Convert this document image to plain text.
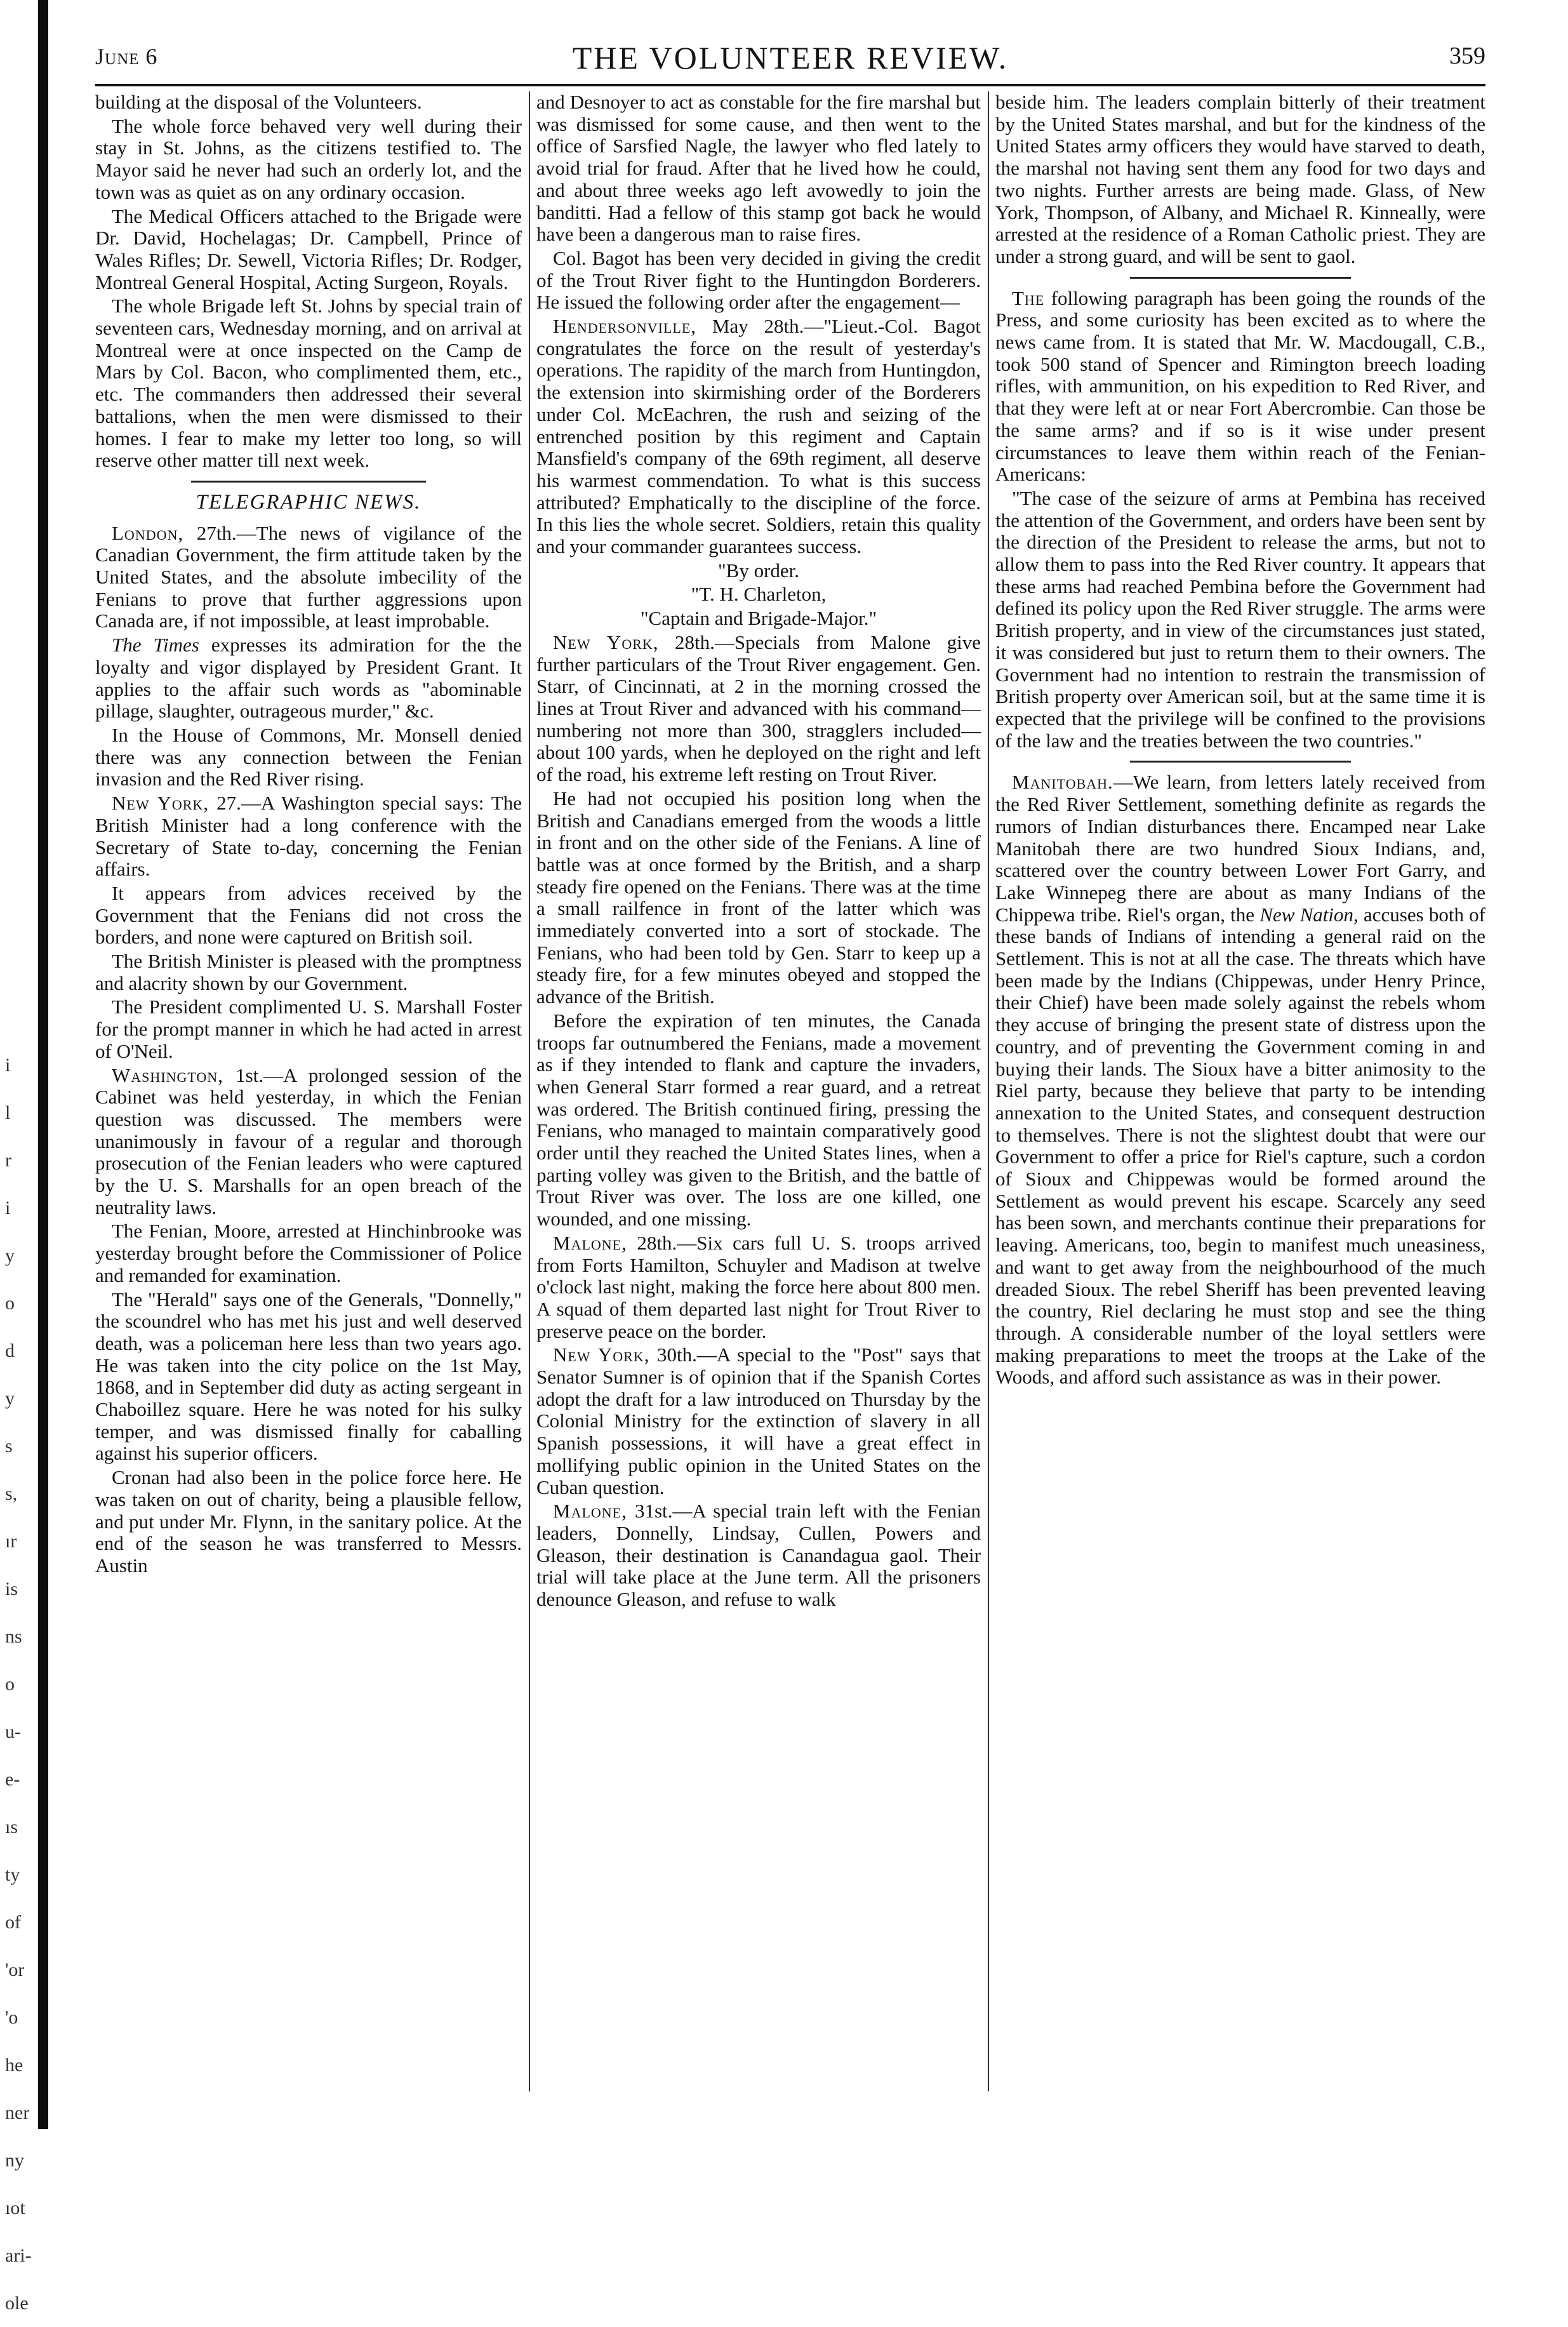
i
l
r
i
y
o
d
y
s
s,
ır
is
ns
o
u-
e-
ıs
ty
of
'or
'o
he
ner
ny
ıot
ari-
ole
June 6	THE VOLUNTEER REVIEW.	359

building at the disposal of the Volunteers.

The whole force behaved very well during their stay in St. Johns, as the citizens testified to. The Mayor said he never had such an orderly lot, and the town was as quiet as on any ordinary occasion.

The Medical Officers attached to the Brigade were Dr. David, Hochelagas; Dr. Campbell, Prince of Wales Rifles; Dr. Sewell, Victoria Rifles; Dr. Rodger, Montreal General Hospital, Acting Surgeon, Royals.

The whole Brigade left St. Johns by special train of seventeen cars, Wednesday morning, and on arrival at Montreal were at once inspected on the Camp de Mars by Col. Bacon, who complimented them, etc., etc. The commanders then addressed their several battalions, when the men were dismissed to their homes. I fear to make my letter too long, so will reserve other matter till next week.

TELEGRAPHIC NEWS.

London, 27th.—The news of vigilance of the Canadian Government, the firm attitude taken by the United States, and the absolute imbecility of the Fenians to prove that further aggressions upon Canada are, if not impossible, at least improbable.

The Times expresses its admiration for the the loyalty and vigor displayed by President Grant. It applies to the affair such words as "abominable pillage, slaughter, outrageous murder," &c.

In the House of Commons, Mr. Monsell denied there was any connection between the Fenian invasion and the Red River rising.

New York, 27.—A Washington special says: The British Minister had a long conference with the Secretary of State to-day, concerning the Fenian affairs.

It appears from advices received by the Government that the Fenians did not cross the borders, and none were captured on British soil.

The British Minister is pleased with the promptness and alacrity shown by our Government.

The President complimented U. S. Marshall Foster for the prompt manner in which he had acted in arrest of O'Neil.

Washington, 1st.—A prolonged session of the Cabinet was held yesterday, in which the Fenian question was discussed. The members were unanimously in favour of a regular and thorough prosecution of the Fenian leaders who were captured by the U. S. Marshalls for an open breach of the neutrality laws.

The Fenian, Moore, arrested at Hinchinbrooke was yesterday brought before the Commissioner of Police and remanded for examination.

The "Herald" says one of the Generals, "Donnelly," the scoundrel who has met his just and well deserved death, was a policeman here less than two years ago. He was taken into the city police on the 1st May, 1868, and in September did duty as acting sergeant in Chaboillez square. Here he was noted for his sulky temper, and was dismissed finally for caballing against his superior officers.

Cronan had also been in the police force here. He was taken on out of charity, being a plausible fellow, and put under Mr. Flynn, in the sanitary police. At the end of the season he was transferred to Messrs. Austin

and Desnoyer to act as constable for the fire marshal but was dismissed for some cause, and then went to the office of Sarsfied Nagle, the lawyer who fled lately to avoid trial for fraud. After that he lived how he could, and about three weeks ago left avowedly to join the banditti. Had a fellow of this stamp got back he would have been a dangerous man to raise fires.

Col. Bagot has been very decided in giving the credit of the Trout River fight to the Huntingdon Borderers. He issued the following order after the engagement—

Hendersonville, May 28th.—"Lieut.-Col. Bagot congratulates the force on the result of yesterday's operations. The rapidity of the march from Huntingdon, the extension into skirmishing order of the Borderers under Col. McEachren, the rush and seizing of the entrenched position by this regiment and Captain Mansfield's company of the 69th regiment, all deserve his warmest commendation. To what is this success attributed? Emphatically to the discipline of the force. In this lies the whole secret. Soldiers, retain this quality and your commander guarantees success.

"By order.

"T. H. Charleton,

"Captain and Brigade-Major."

New York, 28th.—Specials from Malone give further particulars of the Trout River engagement. Gen. Starr, of Cincinnati, at 2 in the morning crossed the lines at Trout River and advanced with his command—numbering not more than 300, stragglers included—about 100 yards, when he deployed on the right and left of the road, his extreme left resting on Trout River.

He had not occupied his position long when the British and Canadians emerged from the woods a little in front and on the other side of the Fenians. A line of battle was at once formed by the British, and a sharp steady fire opened on the Fenians. There was at the time a small railfence in front of the latter which was immediately converted into a sort of stockade. The Fenians, who had been told by Gen. Starr to keep up a steady fire, for a few minutes obeyed and stopped the advance of the British.

Before the expiration of ten minutes, the Canada troops far outnumbered the Fenians, made a movement as if they intended to flank and capture the invaders, when General Starr formed a rear guard, and a retreat was ordered. The British continued firing, pressing the Fenians, who managed to maintain comparatively good order until they reached the United States lines, when a parting volley was given to the British, and the battle of Trout River was over. The loss are one killed, one wounded, and one missing.

Malone, 28th.—Six cars full U. S. troops arrived from Forts Hamilton, Schuyler and Madison at twelve o'clock last night, making the force here about 800 men. A squad of them departed last night for Trout River to preserve peace on the border.

New York, 30th.—A special to the "Post" says that Senator Sumner is of opinion that if the Spanish Cortes adopt the draft for a law introduced on Thursday by the Colonial Ministry for the extinction of slavery in all Spanish possessions, it will have a great effect in mollifying public opinion in the United States on the Cuban question.

Malone, 31st.—A special train left with the Fenian leaders, Donnelly, Lindsay, Cullen, Powers and Gleason, their destination is Canandagua gaol. Their trial will take place at the June term. All the prisoners denounce Gleason, and refuse to walk

beside him. The leaders complain bitterly of their treatment by the United States marshal, and but for the kindness of the United States army officers they would have starved to death, the marshal not having sent them any food for two days and two nights. Further arrests are being made. Glass, of New York, Thompson, of Albany, and Michael R. Kinneally, were arrested at the residence of a Roman Catholic priest. They are under a strong guard, and will be sent to gaol.

The following paragraph has been going the rounds of the Press, and some curiosity has been excited as to where the news came from. It is stated that Mr. W. Macdougall, C.B., took 500 stand of Spencer and Rimington breech loading rifles, with ammunition, on his expedition to Red River, and that they were left at or near Fort Abercrombie. Can those be the same arms? and if so is it wise under present circumstances to leave them within reach of the Fenian-Americans:

"The case of the seizure of arms at Pembina has received the attention of the Government, and orders have been sent by the direction of the President to release the arms, but not to allow them to pass into the Red River country. It appears that these arms had reached Pembina before the Government had defined its policy upon the Red River struggle. The arms were British property, and in view of the circumstances just stated, it was considered but just to return them to their owners. The Government had no intention to restrain the transmission of British property over American soil, but at the same time it is expected that the privilege will be confined to the provisions of the law and the treaties between the two countries."

Manitobah.—We learn, from letters lately received from the Red River Settlement, something definite as regards the rumors of Indian disturbances there. Encamped near Lake Manitobah there are two hundred Sioux Indians, and, scattered over the country between Lower Fort Garry, and Lake Winnepeg there are about as many Indians of the Chippewa tribe. Riel's organ, the New Nation, accuses both of these bands of Indians of intending a general raid on the Settlement. This is not at all the case. The threats which have been made by the Indians (Chippewas, under Henry Prince, their Chief) have been made solely against the rebels whom they accuse of bringing the present state of distress upon the country, and of preventing the Government coming in and buying their lands. The Sioux have a bitter animosity to the Riel party, because they believe that party to be intending annexation to the United States, and consequent destruction to themselves. There is not the slightest doubt that were our Government to offer a price for Riel's capture, such a cordon of Sioux and Chippewas would be formed around the Settlement as would prevent his escape. Scarcely any seed has been sown, and merchants continue their preparations for leaving. Americans, too, begin to manifest much uneasiness, and want to get away from the neighbourhood of the much dreaded Sioux. The rebel Sheriff has been prevented leaving the country, Riel declaring he must stop and see the thing through. A considerable number of the loyal settlers were making preparations to meet the troops at the Lake of the Woods, and afford such assistance as was in their power.
